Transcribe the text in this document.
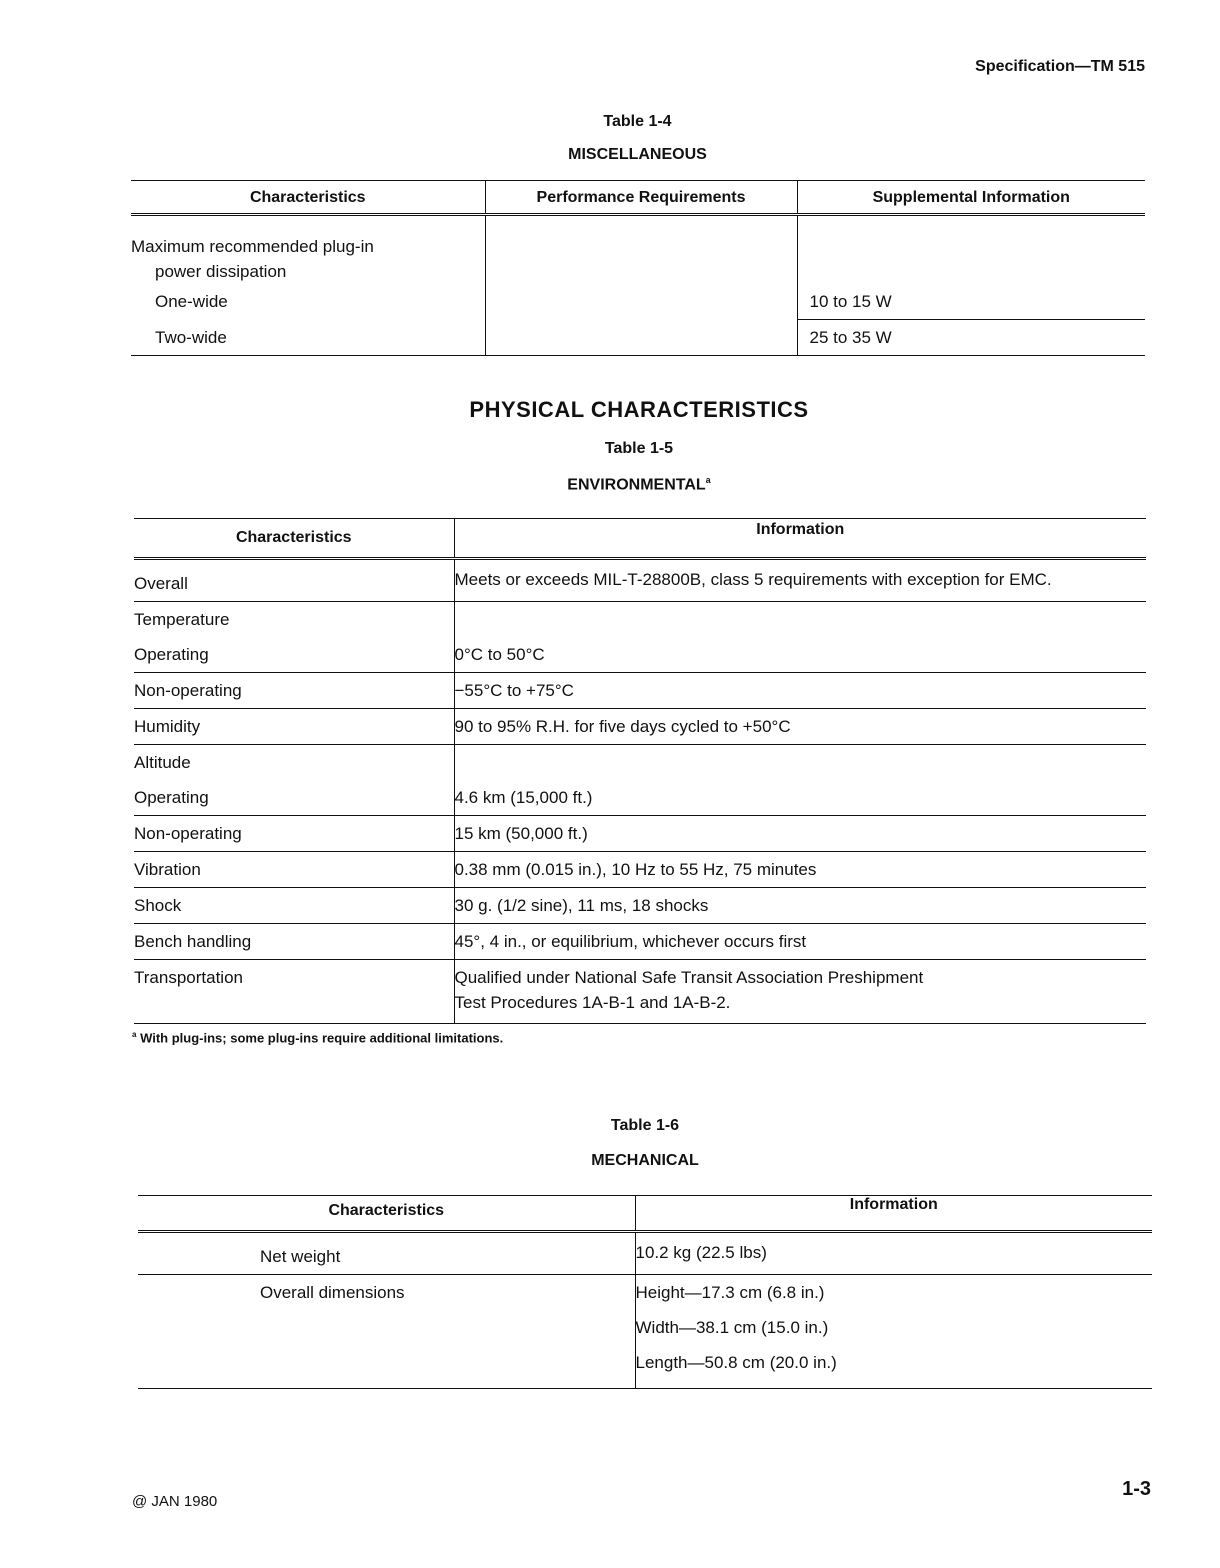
Specification—TM 515
Table 1-4
MISCELLANEOUS
Characteristics	Performance Requirements	Supplemental Information

Maximum recommended plug-in
power dissipation		

One-wide		10 to 15 W
Two-wide		25 to 35 W
PHYSICAL CHARACTERISTICS
Table 1-5
ENVIRONMENTAL$^a$
Characteristics	Information
Overall	Meets or exceeds MIL-T-28800B, class 5 requirements with exception for EMC.
Temperature	
Operating	0°C to 50°C
Non-operating	−55°C to +75°C
Humidity	90 to 95% R.H. for five days cycled to +50°C
Altitude	
Operating	4.6 km (15,000 ft.)
Non-operating	15 km (50,000 ft.)
Vibration	0.38 mm (0.015 in.), 10 Hz to 55 Hz, 75 minutes
Shock	30 g. (1/2 sine), 11 ms, 18 shocks
Bench handling	45°, 4 in., or equilibrium, whichever occurs first
Transportation	Qualified under National Safe Transit Association Preshipment
Test Procedures 1A-B-1 and 1A-B-2.
$^a$ With plug-ins; some plug-ins require additional limitations.
Table 1-6
MECHANICAL
Characteristics	Information
Net weight	10.2 kg (22.5 lbs)
Overall dimensions	Height—17.3 cm (6.8 in.)
	Width—38.1 cm (15.0 in.)
	Length—50.8 cm (20.0 in.)
@ JAN 1980
1-3
